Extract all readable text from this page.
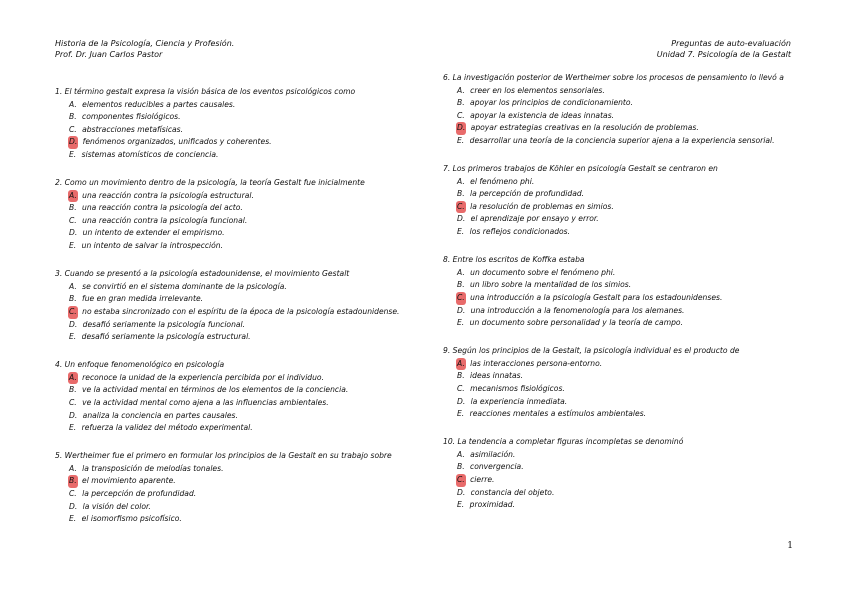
Historia de la Psicología, Ciencia y Profesión.
Prof. Dr. Juan Carlos Pastor
Preguntas de auto-evaluación
Unidad 7. Psicología de la Gestalt
1. El término gestalt expresa la visión básica de los eventos psicológicos como
A. elementos reducibles a partes causales.
B. componentes fisiológicos.
C. abstracciones metafísicas.
D. fenómenos organizados, unificados y coherentes.
E. sistemas atomísticos de conciencia.
2. Como un movimiento dentro de la psicología, la teoría Gestalt fue inicialmente
A. una reacción contra la psicología estructural.
B. una reacción contra la psicología del acto.
C. una reacción contra la psicología funcional.
D. un intento de extender el empirismo.
E. un intento de salvar la introspección.
3. Cuando se presentó a la psicología estadounidense, el movimiento Gestalt
A. se convirtió en el sistema dominante de la psicología.
B. fue en gran medida irrelevante.
C. no estaba sincronizado con el espíritu de la época de la psicología estadounidense.
D. desafió seriamente la psicología funcional.
E. desafió seriamente la psicología estructural.
4. Un enfoque fenomenológico en psicología
A. reconoce la unidad de la experiencia percibida por el individuo.
B. ve la actividad mental en términos de los elementos de la conciencia.
C. ve la actividad mental como ajena a las influencias ambientales.
D. analiza la conciencia en partes causales.
E. refuerza la validez del método experimental.
5. Wertheimer fue el primero en formular los principios de la Gestalt en su trabajo sobre
A. la transposición de melodías tonales.
B. el movimiento aparente.
C. la percepción de profundidad.
D. la visión del color.
E. el isomorfismo psicofísico.
6. La investigación posterior de Wertheimer sobre los procesos de pensamiento lo llevó a
A. creer en los elementos sensoriales.
B. apoyar los principios de condicionamiento.
C. apoyar la existencia de ideas innatas.
D. apoyar estrategias creativas en la resolución de problemas.
E. desarrollar una teoría de la conciencia superior ajena a la experiencia sensorial.
7. Los primeros trabajos de Köhler en psicología Gestalt se centraron en
A. el fenómeno phi.
B. la percepción de profundidad.
C. la resolución de problemas en simios.
D. el aprendizaje por ensayo y error.
E. los reflejos condicionados.
8. Entre los escritos de Koffka estaba
A. un documento sobre el fenómeno phi.
B. un libro sobre la mentalidad de los simios.
C. una introducción a la psicología Gestalt para los estadounidenses.
D. una introducción a la fenomenología para los alemanes.
E. un documento sobre personalidad y la teoría de campo.
9. Según los principios de la Gestalt, la psicología individual es el producto de
A. las interacciones persona-entorno.
B. ideas innatas.
C. mecanismos fisiológicos.
D. la experiencia inmediata.
E. reacciones mentales a estímulos ambientales.
10. La tendencia a completar figuras incompletas se denominó
A. asimilación.
B. convergencia.
C. cierre.
D. constancia del objeto.
E. proximidad.
1
